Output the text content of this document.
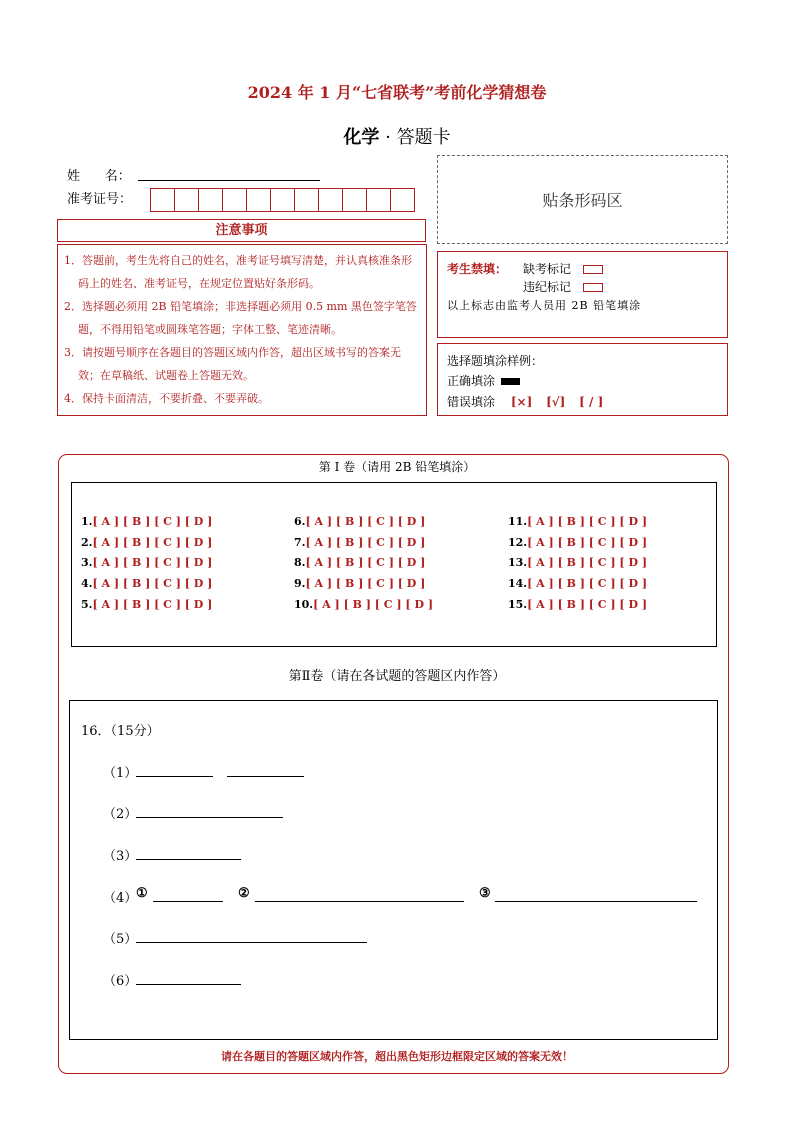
2024 年 1 月“七省联考”考前化学猜想卷
化学 · 答题卡
姓      名：
准考证号：	贴条形码区
注意事项
1．答题前，考生先将自己的姓名，准考证号填写清楚，并认真核准条形码上的姓名、准考证号，在规定位置贴好条形码。
2．选择题必须用 2B 铅笔填涂；非选择题必须用 0.5 mm 黑色签字笔答题，不得用铅笔或圆珠笔答题；字体工整、笔迹清晰。
3．请按题号顺序在各题目的答题区域内作答，超出区域书写的答案无效；在草稿纸、试题卷上答题无效。
4．保持卡面清洁，不要折叠、不要弄破。
考生禁填： 缺考标记
违纪标记
以上标志由监考人员用 2B 铅笔填涂
选择题填涂样例：
正确填涂
错误填涂 [×] [√] [ / ]
第 I 卷（请用 2B 铅笔填涂）
1.[ A ] [ B ] [ C ] [ D ]
2.[ A ] [ B ] [ C ] [ D ]
3.[ A ] [ B ] [ C ] [ D ]
4.[ A ] [ B ] [ C ] [ D ]
5.[ A ] [ B ] [ C ] [ D ]
6.[ A ] [ B ] [ C ] [ D ]
7.[ A ] [ B ] [ C ] [ D ]
8.[ A ] [ B ] [ C ] [ D ]
9.[ A ] [ B ] [ C ] [ D ]
10.[ A ] [ B ] [ C ] [ D ]
11.[ A ] [ B ] [ C ] [ D ]
12.[ A ] [ B ] [ C ] [ D ]
13.[ A ] [ B ] [ C ] [ D ]
14.[ A ] [ B ] [ C ] [ D ]
15.[ A ] [ B ] [ C ] [ D ]
第Ⅱ卷（请在各试题的答题区内作答）
16．（15分）
（1）
（2）
（3）
（4）
①	②	③
（5）
（6）
请在各题目的答题区域内作答，超出黑色矩形边框限定区域的答案无效！
